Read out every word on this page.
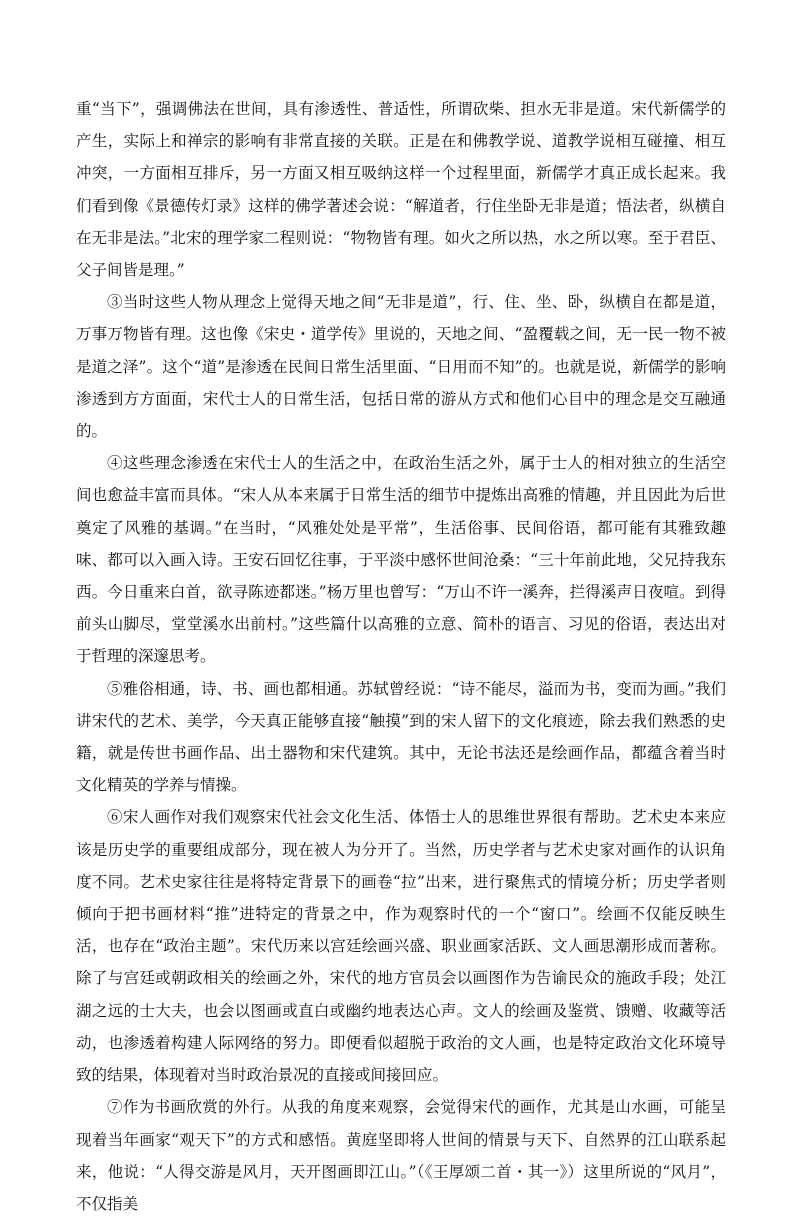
重“当下”，强调佛法在世间，具有渗透性、普适性，所谓砍柴、担水无非是道。宋代新儒学的产生，实际上和禅宗的影响有非常直接的关联。正是在和佛教学说、道教学说相互碰撞、相互冲突，一方面相互排斥，另一方面又相互吸纳这样一个过程里面，新儒学才真正成长起来。我们看到像《景德传灯录》这样的佛学著述会说：“解道者，行住坐卧无非是道；悟法者，纵横自在无非是法。”北宋的理学家二程则说：“物物皆有理。如火之所以热，水之所以寒。至于君臣、父子间皆是理。”

③当时这些人物从理念上觉得天地之间“无非是道”，行、住、坐、卧，纵横自在都是道，万事万物皆有理。这也像《宋史・道学传》里说的，天地之间、“盈覆载之间，无一民一物不被是道之泽”。这个“道”是渗透在民间日常生活里面、“日用而不知”的。也就是说，新儒学的影响渗透到方方面面，宋代士人的日常生活，包括日常的游从方式和他们心目中的理念是交互融通的。

④这些理念渗透在宋代士人的生活之中，在政治生活之外，属于士人的相对独立的生活空间也愈益丰富而具体。“宋人从本来属于日常生活的细节中提炼出高雅的情趣，并且因此为后世奠定了风雅的基调。”在当时，“风雅处处是平常”，生活俗事、民间俗语，都可能有其雅致趣味、都可以入画入诗。王安石回忆往事，于平淡中感怀世间沧桑：“三十年前此地，父兄持我东西。今日重来白首，欲寻陈迹都迷。”杨万里也曾写：“万山不许一溪奔，拦得溪声日夜喧。到得前头山脚尽，堂堂溪水出前村。”这些篇什以高雅的立意、简朴的语言、习见的俗语，表达出对于哲理的深邃思考。

⑤雅俗相通，诗、书、画也都相通。苏轼曾经说：“诗不能尽，溢而为书，变而为画。”我们讲宋代的艺术、美学，今天真正能够直接“触摸”到的宋人留下的文化痕迹，除去我们熟悉的史籍，就是传世书画作品、出土器物和宋代建筑。其中，无论书法还是绘画作品，都蕴含着当时文化精英的学养与情操。

⑥宋人画作对我们观察宋代社会文化生活、体悟士人的思维世界很有帮助。艺术史本来应该是历史学的重要组成部分，现在被人为分开了。当然，历史学者与艺术史家对画作的认识角度不同。艺术史家往往是将特定背景下的画卷“拉”出来，进行聚焦式的情境分析；历史学者则倾向于把书画材料“推”进特定的背景之中，作为观察时代的一个“窗口”。绘画不仅能反映生活，也存在“政治主题”。宋代历来以宫廷绘画兴盛、职业画家活跃、文人画思潮形成而著称。除了与宫廷或朝政相关的绘画之外，宋代的地方官员会以画图作为告谕民众的施政手段；处江湖之远的士大夫，也会以图画或直白或幽约地表达心声。文人的绘画及鉴赏、馈赠、收藏等活动，也渗透着构建人际网络的努力。即便看似超脱于政治的文人画，也是特定政治文化环境导致的结果，体现着对当时政治景况的直接或间接回应。

⑦作为书画欣赏的外行。从我的角度来观察，会觉得宋代的画作，尤其是山水画，可能呈现着当年画家“观天下”的方式和感悟。黄庭坚即将人世间的情景与天下、自然界的江山联系起来，他说：“人得交游是风月，天开图画即江山。”（《王厚颂二首・其一》）这里所说的“风月”，不仅指美
